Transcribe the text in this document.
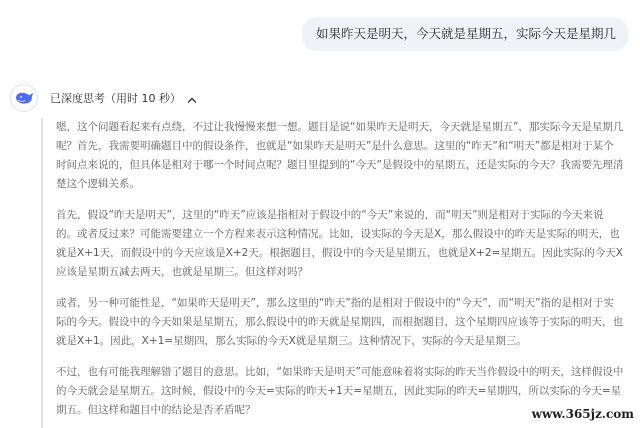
如果昨天是明天，今天就是星期五，实际今天是星期几
已深度思考（用时 10 秒）

嗯，这个问题看起来有点绕，不过让我慢慢来想一想。题目是说“如果昨天是明天，今天就是星期五”，那实际今天是星期几呢？首先，我需要明确题目中的假设条件，也就是“如果昨天是明天”是什么意思。这里的“昨天”和“明天”都是相对于某个时间点来说的，但具体是相对于哪一个时间点呢？题目里提到的“今天”是假设中的星期五，还是实际的今天？我需要先理清楚这个逻辑关系。

首先，假设“昨天是明天”，这里的“昨天”应该是指相对于假设中的“今天”来说的，而“明天”则是相对于实际的今天来说的。或者反过来？可能需要建立一个方程来表示这种情况。比如，设实际的今天是X，那么假设中的昨天是实际的明天，也就是X+1天，而假设中的今天应该是X+2天。根据题目，假设中的今天是星期五，也就是X+2=星期五。因此实际的今天X应该是星期五减去两天，也就是星期三。但这样对吗？

或者，另一种可能性是，“如果昨天是明天”，那么这里的“昨天”指的是相对于假设中的“今天”，而“明天”指的是相对于实际的今天。假设中的今天如果是星期五，那么假设中的昨天就是星期四，而根据题目，这个星期四应该等于实际的明天，也就是X+1。因此，X+1=星期四，那么实际的今天X就是星期三。这种情况下，实际的今天是星期三。

不过，也有可能我理解错了题目的意思。比如，“如果昨天是明天”可能意味着将实际的昨天当作假设中的明天，这样假设中的今天就会是星期五。这时候，假设中的今天=实际的昨天+1天=星期五，因此实际的昨天=星期四，所以实际的今天=星期五。但这样和题目中的结论是否矛盾呢？	www.365jz.com
